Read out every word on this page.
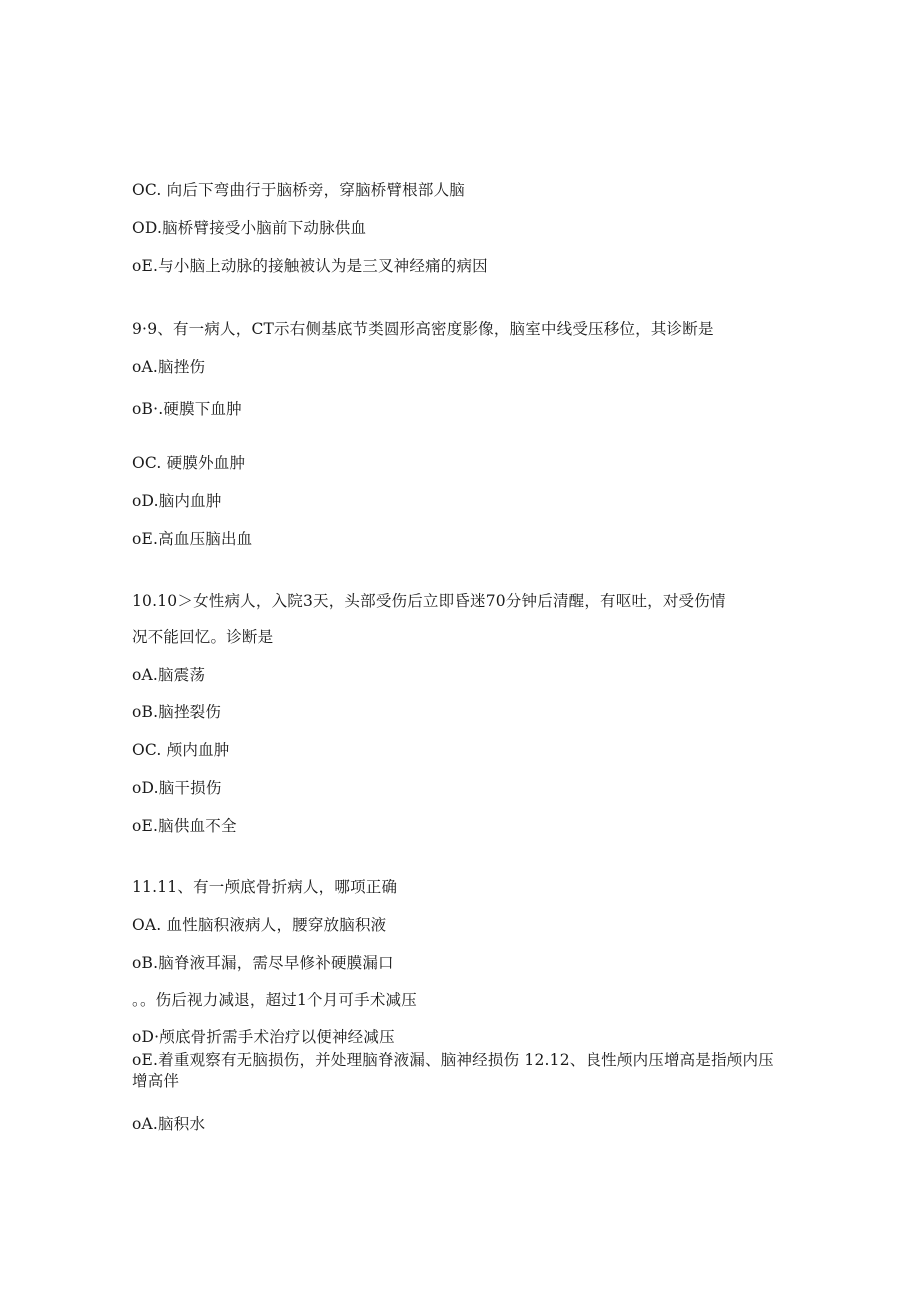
OC. 向后下弯曲行于脑桥旁，穿脑桥臂根部人脑
OD.脑桥臂接受小脑前下动脉供血
oE.与小脑上动脉的接触被认为是三叉神经痛的病因
9·9、有一病人，CT示右侧基底节类圆形高密度影像，脑室中线受压移位，其诊断是
oA.脑挫伤
oB·.硬膜下血肿
OC. 硬膜外血肿
oD.脑内血肿
oE.高血压脑出血
10.10＞女性病人，入院3天，头部受伤后立即昏迷70分钟后清醒，有呕吐，对受伤情
况不能回忆。诊断是
oA.脑震荡
oB.脑挫裂伤
OC. 颅内血肿
oD.脑干损伤
oE.脑供血不全
11.11、有一颅底骨折病人，哪项正确
OA. 血性脑积液病人，腰穿放脑积液
oB.脑脊液耳漏，需尽早修补硬膜漏口
。。伤后视力减退，超过1个月可手术减压
oD·颅底骨折需手术治疗以便神经减压
oE.着重观察有无脑损伤，并处理脑脊液漏、脑神经损伤 12.12、良性颅内压增高是指颅内压增高伴
oA.脑积水
